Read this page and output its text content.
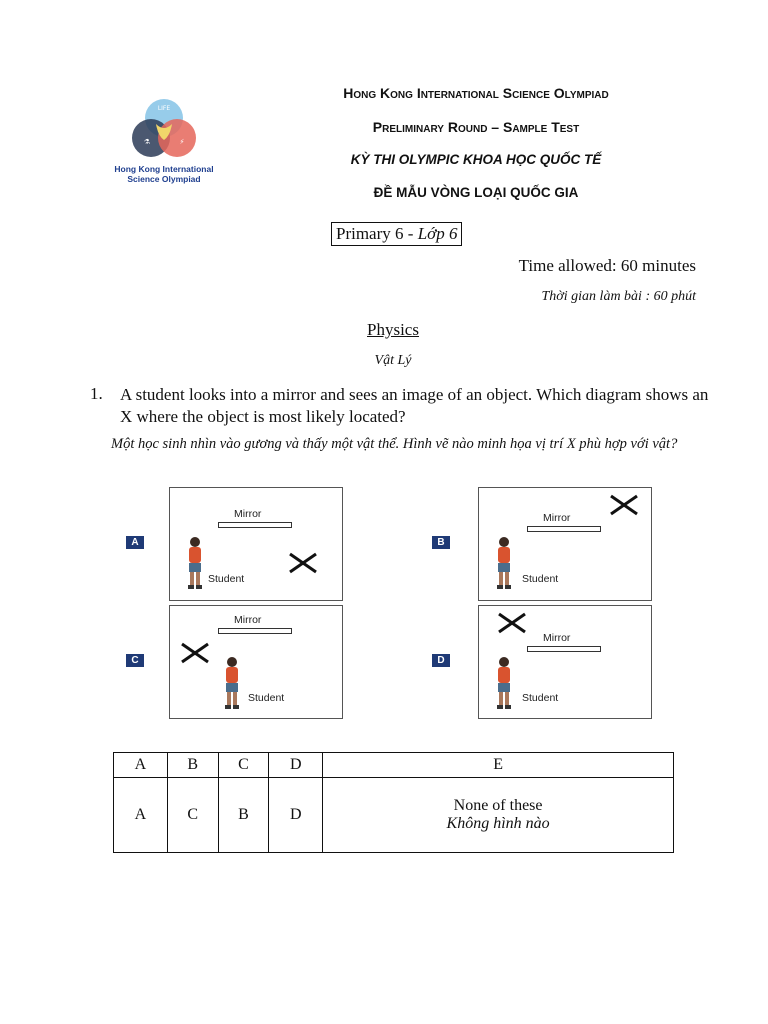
LIFE
⚗	⚡
Hong Kong International
Science Olympiad
Hong Kong International Science Olympiad
Preliminary Round – Sample Test
KỲ THI OLYMPIC KHOA HỌC QUỐC TẾ
ĐỀ MẪU VÒNG LOẠI QUỐC GIA
Primary 6 - Lớp 6
Time allowed: 60 minutes
Thời gian làm bài : 60 phút
Physics
Vật Lý
1. A student looks into a mirror and sees an image of an object. Which diagram shows an X where the object is most likely located?
Một học sinh nhìn vào gương và thấy một vật thể. Hình vẽ nào minh họa vị trí X phù hợp với vật?
A	B
C	D
Mirror
Student
Mirror
Student
Mirror
Student
Mirror
Student
A	B	C	D	E
A	C	B	D	None of these
Không hình nào
